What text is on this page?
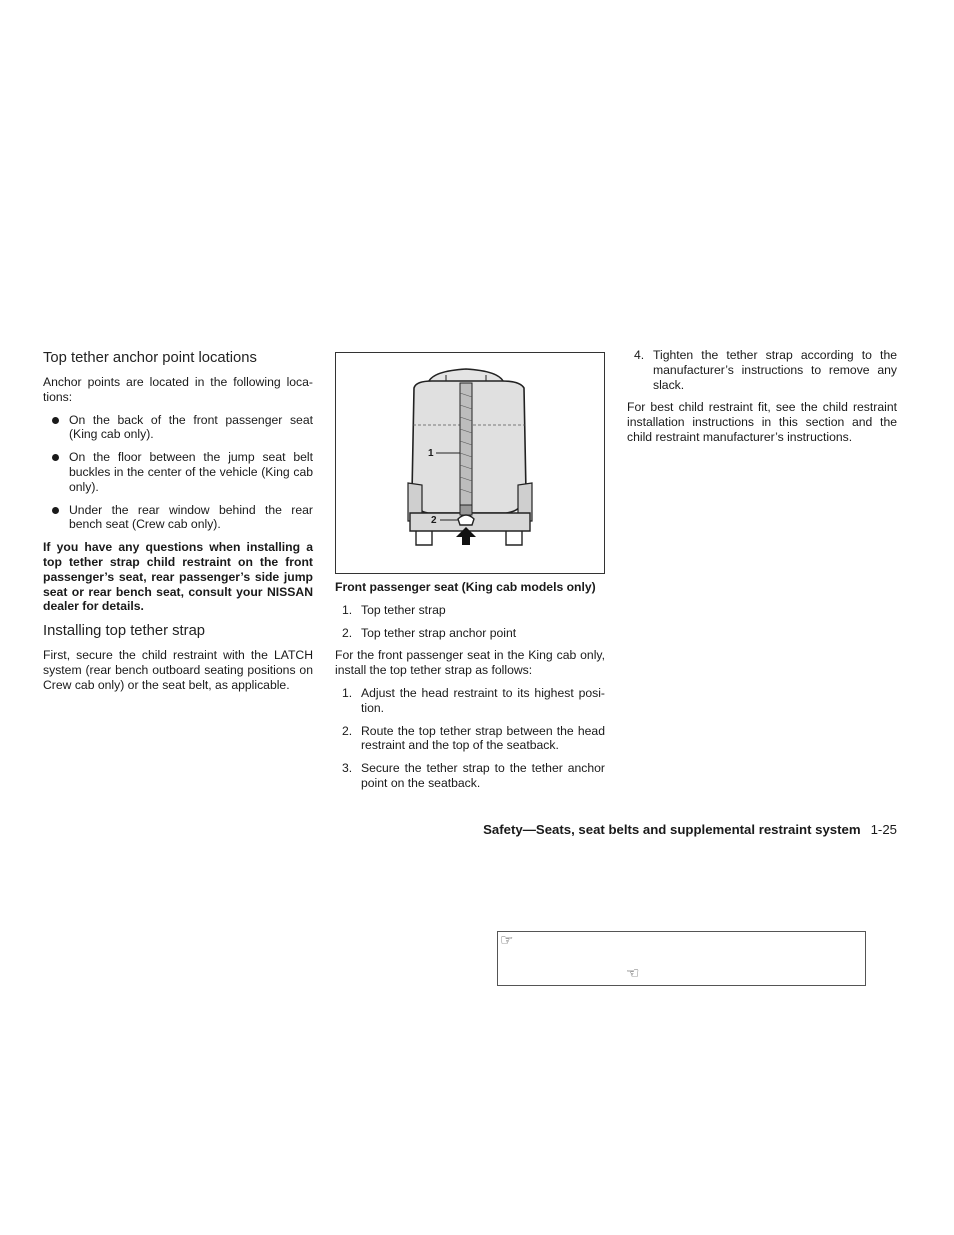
Top tether anchor point locations

Anchor points are located in the following loca-tions:

On the back of the front passenger seat (King cab only).
On the floor between the jump seat belt buckles in the center of the vehicle (King cab only).
Under the rear window behind the rear bench seat (Crew cab only).

If you have any questions when installing a top tether strap child restraint on the front passenger’s seat, rear passenger’s side jump seat or rear bench seat, consult your NISSAN dealer for details.

Installing top tether strap

First, secure the child restraint with the LATCH system (rear bench outboard seating positions on Crew cab only) or the seat belt, as applicable.

1
2

Front passenger seat (King cab models only)

1. Top tether strap
2. Top tether strap anchor point

For the front passenger seat in the King cab only, install the top tether strap as follows:

1. Adjust the head restraint to its highest posi-tion.
2. Route the top tether strap between the head restraint and the top of the seatback.
3. Secure the tether strap to the tether anchor point on the seatback.
4. Tighten the tether strap according to the manufacturer’s instructions to remove any slack.

For best child restraint fit, see the child restraint installation instructions in this section and the child restraint manufacturer’s instructions.

Safety—Seats, seat belts and supplemental restraint system 1-25
☞
☜
